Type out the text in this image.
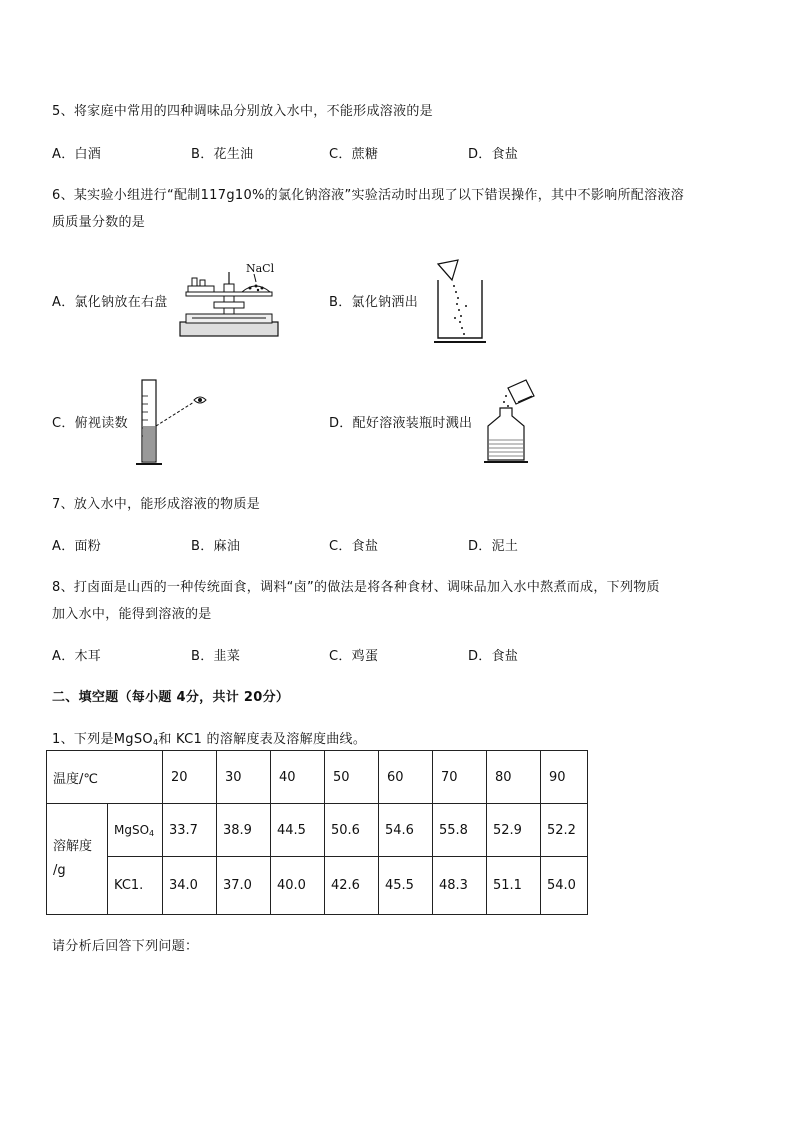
5、将家庭中常用的四种调味品分别放入水中，不能形成溶液的是
A．白酒	B．花生油	C．蔗糖	D．食盐
6、某实验小组进行“配制117g10%的氯化钠溶液”实验活动时出现了以下错误操作，其中不影响所配溶液溶
质质量分数的是
A．氯化钠放在右盘
NaCl
B．氯化钠洒出
C．俯视读数	D．配好溶液装瓶时溅出
7、放入水中，能形成溶液的物质是
A．面粉	B．麻油	C．食盐	D．泥土
8、打卤面是山西的一种传统面食，调料“卤”的做法是将各种食材、调味品加入水中熬煮而成，下列物质
加入水中，能得到溶液的是
A．木耳	B．韭菜	C．鸡蛋	D．食盐
二、填空题（每小题 4分，共计 20分）
1、下列是MgSO$_4$和 KC1 的溶解度表及溶解度曲线。
温度/℃		20	30	40	50	60	70	80	90

溶解度
/g	MgSO$_4$	33.7	38.9	44.5	50.6	54.6	55.8	52.9	52.2
	KC1.	34.0	37.0	40.0	42.6	45.5	48.3	51.1	54.0
请分析后回答下列问题：
